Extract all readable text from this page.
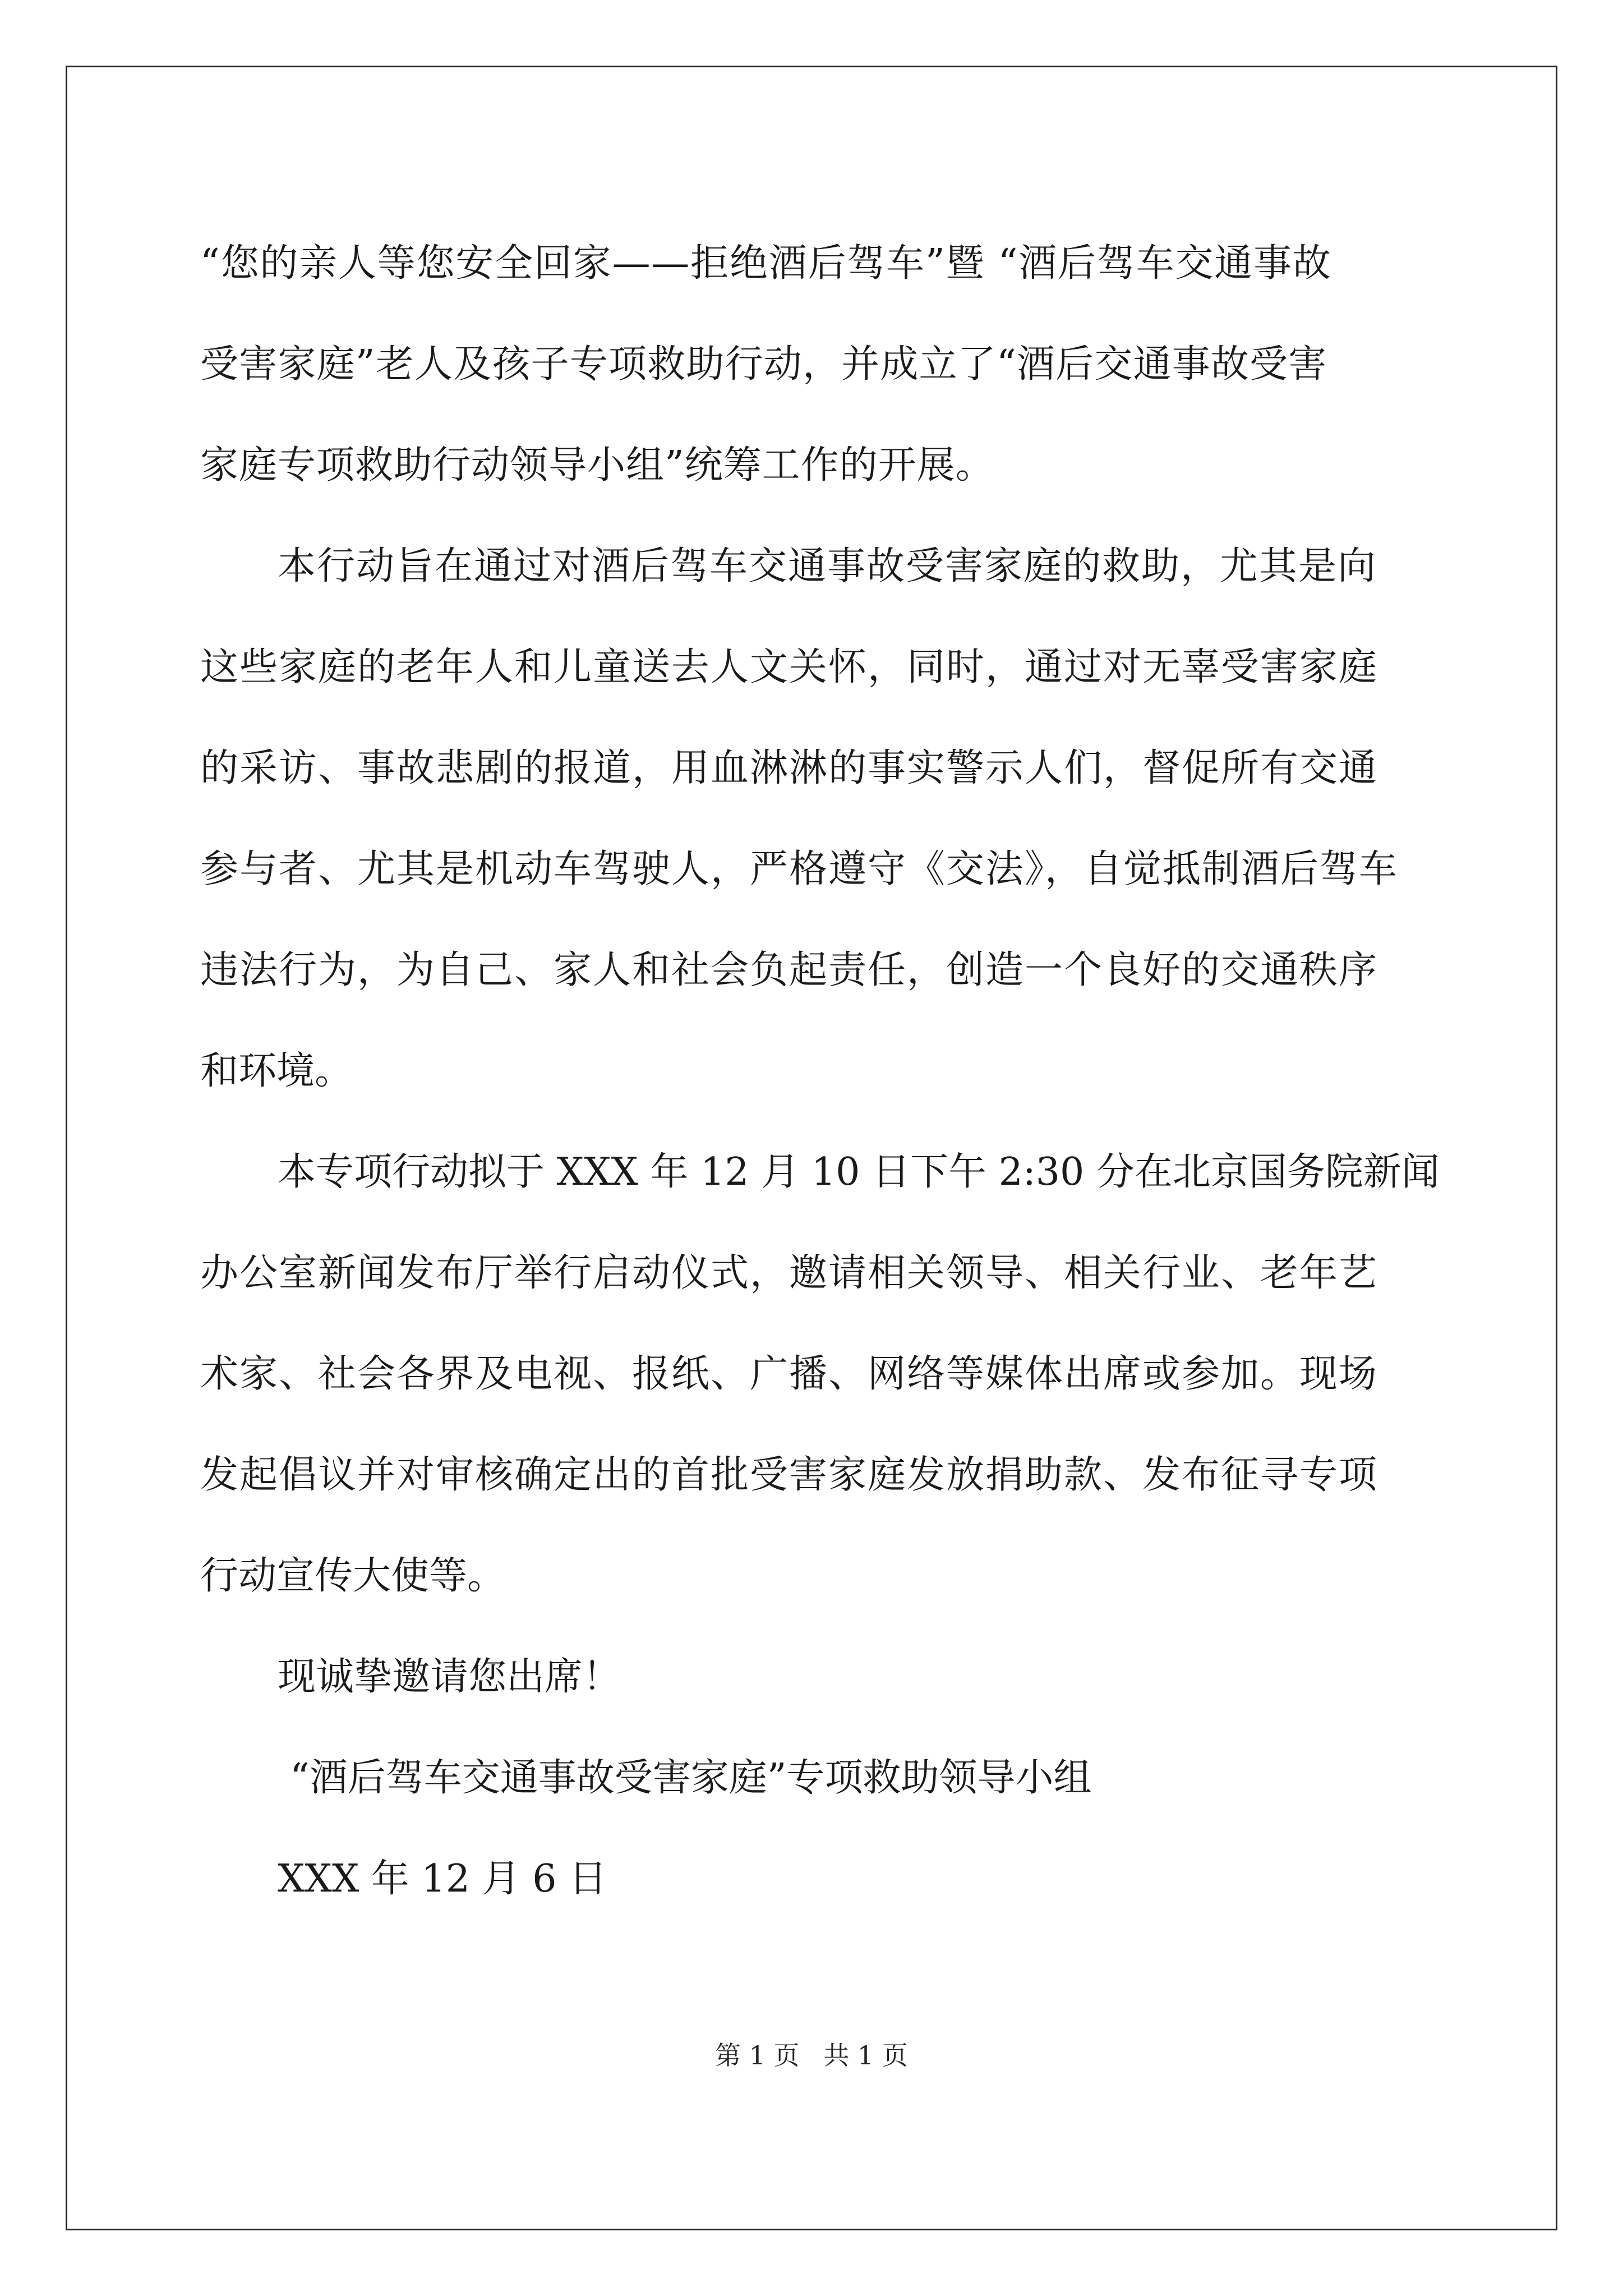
“您的亲人等您安全回家——拒绝酒后驾车”暨 “酒后驾车交通事故
受害家庭”老人及孩子专项救助行动，并成立了“酒后交通事故受害
家庭专项救助行动领导小组”统筹工作的开展。
本行动旨在通过对酒后驾车交通事故受害家庭的救助，尤其是向
这些家庭的老年人和儿童送去人文关怀，同时，通过对无辜受害家庭
的采访、事故悲剧的报道，用血淋淋的事实警示人们，督促所有交通
参与者、尤其是机动车驾驶人，严格遵守《交法》，自觉抵制酒后驾车
违法行为，为自己、家人和社会负起责任，创造一个良好的交通秩序
和环境。
本专项行动拟于 XXX 年 12 月 10 日下午 2:30 分在北京国务院新闻
办公室新闻发布厅举行启动仪式，邀请相关领导、相关行业、老年艺
术家、社会各界及电视、报纸、广播、网络等媒体出席或参加。现场
发起倡议并对审核确定出的首批受害家庭发放捐助款、发布征寻专项
行动宣传大使等。
现诚挚邀请您出席！
“酒后驾车交通事故受害家庭”专项救助领导小组
XXX 年 12 月 6 日
第 1 页 共 1 页
